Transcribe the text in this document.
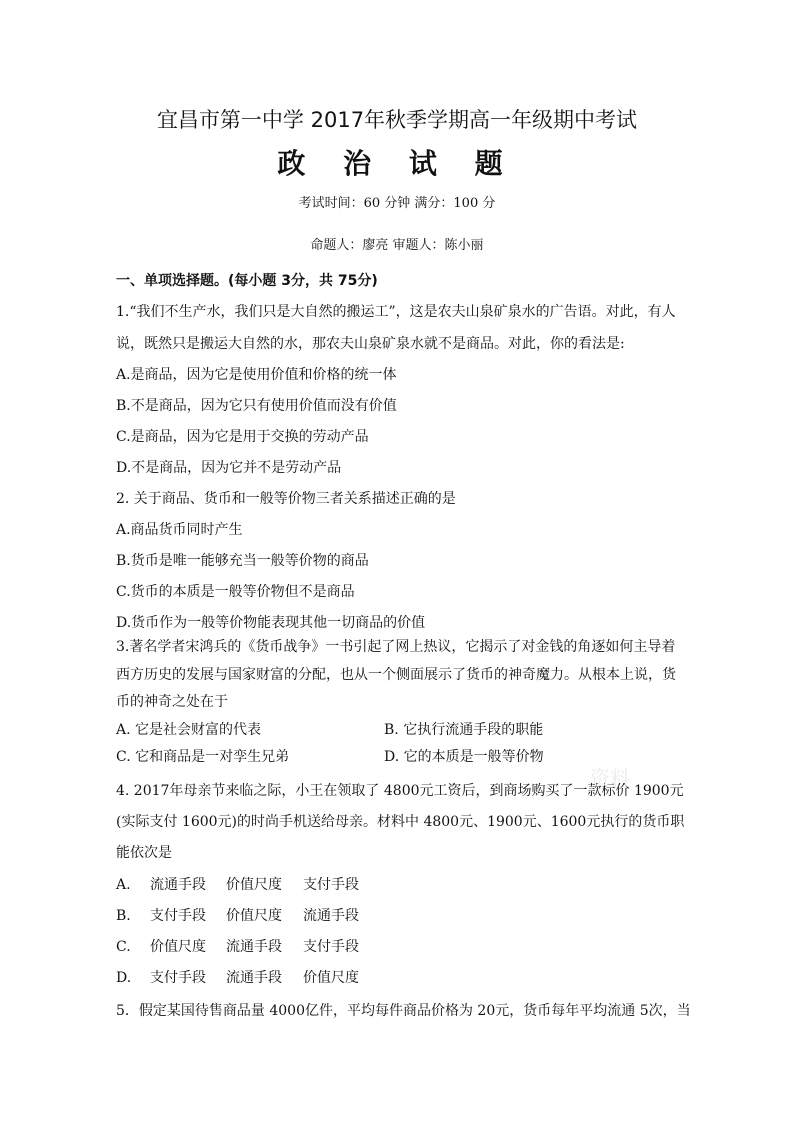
宜昌市第一中学 2017年秋季学期高一年级期中考试
政 治 试 题
考试时间：60 分钟 满分：100 分
命题人：廖亮 审题人：陈小丽
一、单项选择题。(每小题 3分，共 75分)
1.“我们不生产水，我们只是大自然的搬运工”，这是农夫山泉矿泉水的广告语。对此，有人
说，既然只是搬运大自然的水，那农夫山泉矿泉水就不是商品。对此，你的看法是:
A.是商品，因为它是使用价值和价格的统一体
B.不是商品，因为它只有使用价值而没有价值
C.是商品，因为它是用于交换的劳动产品
D.不是商品，因为它并不是劳动产品
2. 关于商品、货币和一般等价物三者关系描述正确的是
A.商品货币同时产生
B.货币是唯一能够充当一般等价物的商品
C.货币的本质是一般等价物但不是商品
D.货币作为一般等价物能表现其他一切商品的价值
3.著名学者宋鸿兵的《货币战争》一书引起了网上热议，它揭示了对金钱的角逐如何主导着
西方历史的发展与国家财富的分配，也从一个侧面展示了货币的神奇魔力。从根本上说，货
币的神奇之处在于
A. 它是社会财富的代表	B. 它执行流通手段的职能
C. 它和商品是一对孪生兄弟	D. 它的本质是一般等价物
4. 2017年母亲节来临之际，小王在领取了 4800元工资后，到商场购买了一款标价 1900元
(实际支付 1600元)的时尚手机送给母亲。材料中 4800元、1900元、1600元执行的货币职
能依次是
A. 流通手段 价值尺度 支付手段
B. 支付手段 价值尺度 流通手段
C. 价值尺度 流通手段 支付手段
D. 支付手段 流通手段 价值尺度
5．假定某国待售商品量 4000亿件，平均每件商品价格为 20元，货币每年平均流通 5次，当
资料
